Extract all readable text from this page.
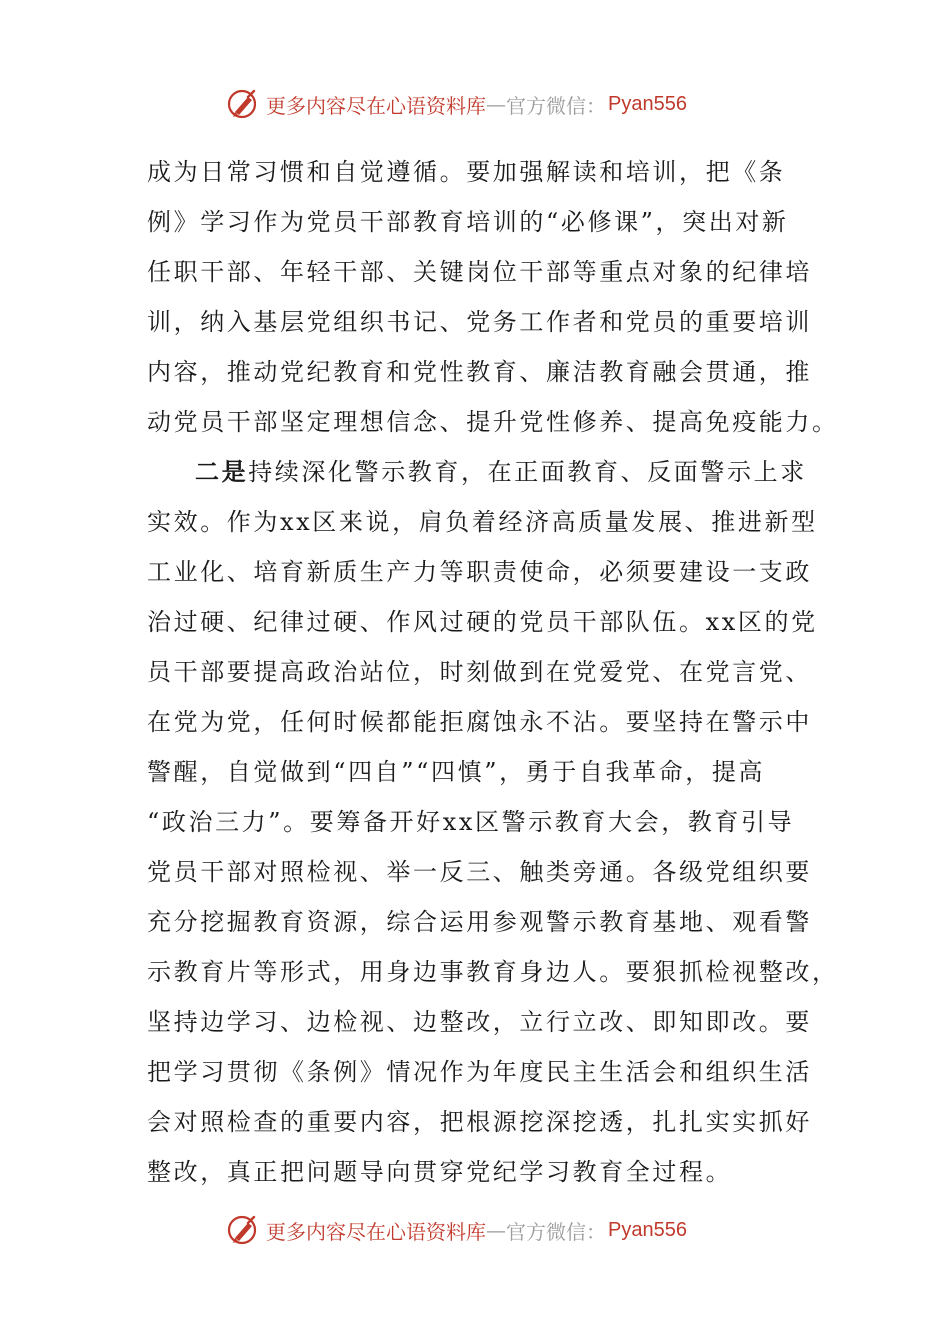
更多内容尽在心语资料库 — 官方微信： Pyan556
成为日常习惯和自觉遵循。要加强解读和培训，把《条
例》学习作为党员干部教育培训的“必修课”，突出对新
任职干部、年轻干部、关键岗位干部等重点对象的纪律培
训，纳入基层党组织书记、党务工作者和党员的重要培训
内容，推动党纪教育和党性教育、廉洁教育融会贯通，推
动党员干部坚定理想信念、提升党性修养、提高免疫能力。
二是持续深化警示教育，在正面教育、反面警示上求
实效。作为xx区来说，肩负着经济高质量发展、推进新型
工业化、培育新质生产力等职责使命，必须要建设一支政
治过硬、纪律过硬、作风过硬的党员干部队伍。xx区的党
员干部要提高政治站位，时刻做到在党爱党、在党言党、
在党为党，任何时候都能拒腐蚀永不沾。要坚持在警示中
警醒，自觉做到“四自”“四慎”，勇于自我革命，提高
“政治三力”。要筹备开好xx区警示教育大会，教育引导
党员干部对照检视、举一反三、触类旁通。各级党组织要
充分挖掘教育资源，综合运用参观警示教育基地、观看警
示教育片等形式，用身边事教育身边人。要狠抓检视整改，
坚持边学习、边检视、边整改，立行立改、即知即改。要
把学习贯彻《条例》情况作为年度民主生活会和组织生活
会对照检查的重要内容，把根源挖深挖透，扎扎实实抓好
整改，真正把问题导向贯穿党纪学习教育全过程。
更多内容尽在心语资料库 — 官方微信： Pyan556
